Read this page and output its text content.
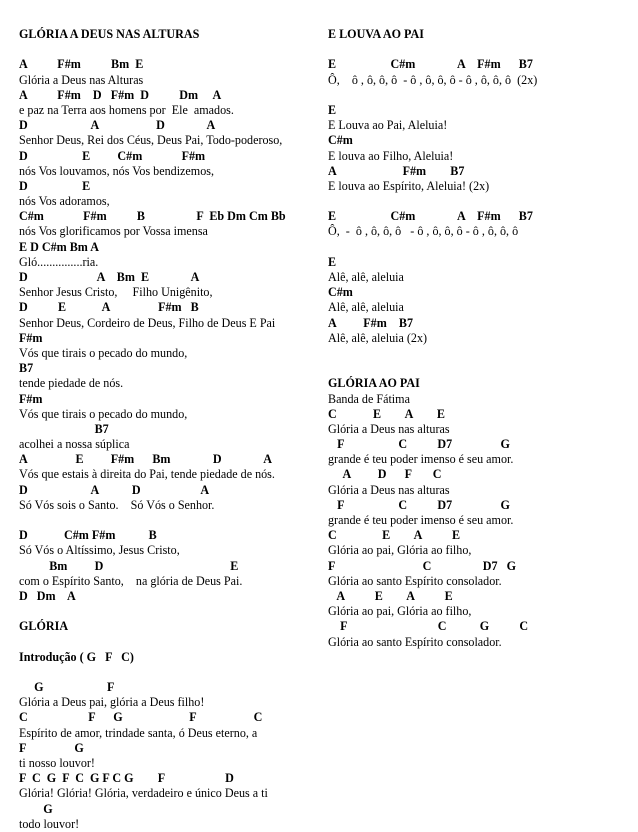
GLÓRIA A DEUS NAS ALTURAS
A          F#m          Bm  E
Glória a Deus nas Alturas
A          F#m    D   F#m  D          Dm     A
e paz na Terra aos homens por  Ele  amados.
D                     A                   D              A
Senhor Deus, Rei dos Céus, Deus Pai, Todo-poderoso,
D                  E         C#m             F#m
nós Vos louvamos, nós Vos bendizemos,
D                  E
nós Vos adoramos,
C#m             F#m          B                 F  Eb Dm Cm Bb
nós Vos glorificamos por Vossa imensa
E D C#m Bm A
Gló...............ria.
D                       A    Bm  E              A
Senhor Jesus Cristo,     Filho Unigênito,
D          E            A                F#m   B
Senhor Deus, Cordeiro de Deus, Filho de Deus E Pai
F#m
Vós que tirais o pecado do mundo,
B7
tende piedade de nós.
F#m
Vós que tirais o pecado do mundo,
B7
acolhei a nossa súplica
A                E         F#m      Bm              D              A
Vós que estais à direita do Pai, tende piedade de nós.
D                     A           D                    A
Só Vós sois o Santo.    Só Vós o Senhor.
D            C#m F#m           B
Só Vós o Altíssimo, Jesus Cristo,
Bm         D                                          E
com o Espírito Santo,    na glória de Deus Pai.
D   Dm    A
GLÓRIA
Introdução ( G   F   C)
G                     F
Glória a Deus pai, glória a Deus filho!
C                    F      G                      F                   C
Espírito de amor, trindade santa, ó Deus eterno, a
F                G
ti nosso louvor!
F  C  G  F  C  G F C G        F                    D
Glória! Glória! Glória, verdadeiro e único Deus a ti
G
todo louvor!
E LOUVA AO PAI
E                  C#m              A    F#m      B7
Ô,    ô , ô, ô, ô  - ô , ô, ô, ô - ô , ô, ô, ô  (2x)
E
E Louva ao Pai, Aleluia!
C#m
E louva ao Filho, Aleluia!
A                      F#m        B7
E louva ao Espírito, Aleluia! (2x)
E                  C#m              A    F#m      B7
Ô,  -  ô , ô, ô, ô   - ô , ô, ô, ô - ô , ô, ô, ô
E
Alê, alê, aleluia
C#m
Alê, alê, aleluia
A         F#m    B7
Alê, alê, aleluia (2x)
GLÓRIA AO PAI
Banda de Fátima
C            E        A        E
Glória a Deus nas alturas
F                  C          D7                G
grande é teu poder imenso é seu amor.
A         D      F       C
Glória a Deus nas alturas
F                  C          D7                G
grande é teu poder imenso é seu amor.
C               E        A          E
Glória ao pai, Glória ao filho,
F                             C                 D7   G
Glória ao santo Espírito consolador.
A          E        A          E
Glória ao pai, Glória ao filho,
F                              C           G          C
Glória ao santo Espírito consolador.
